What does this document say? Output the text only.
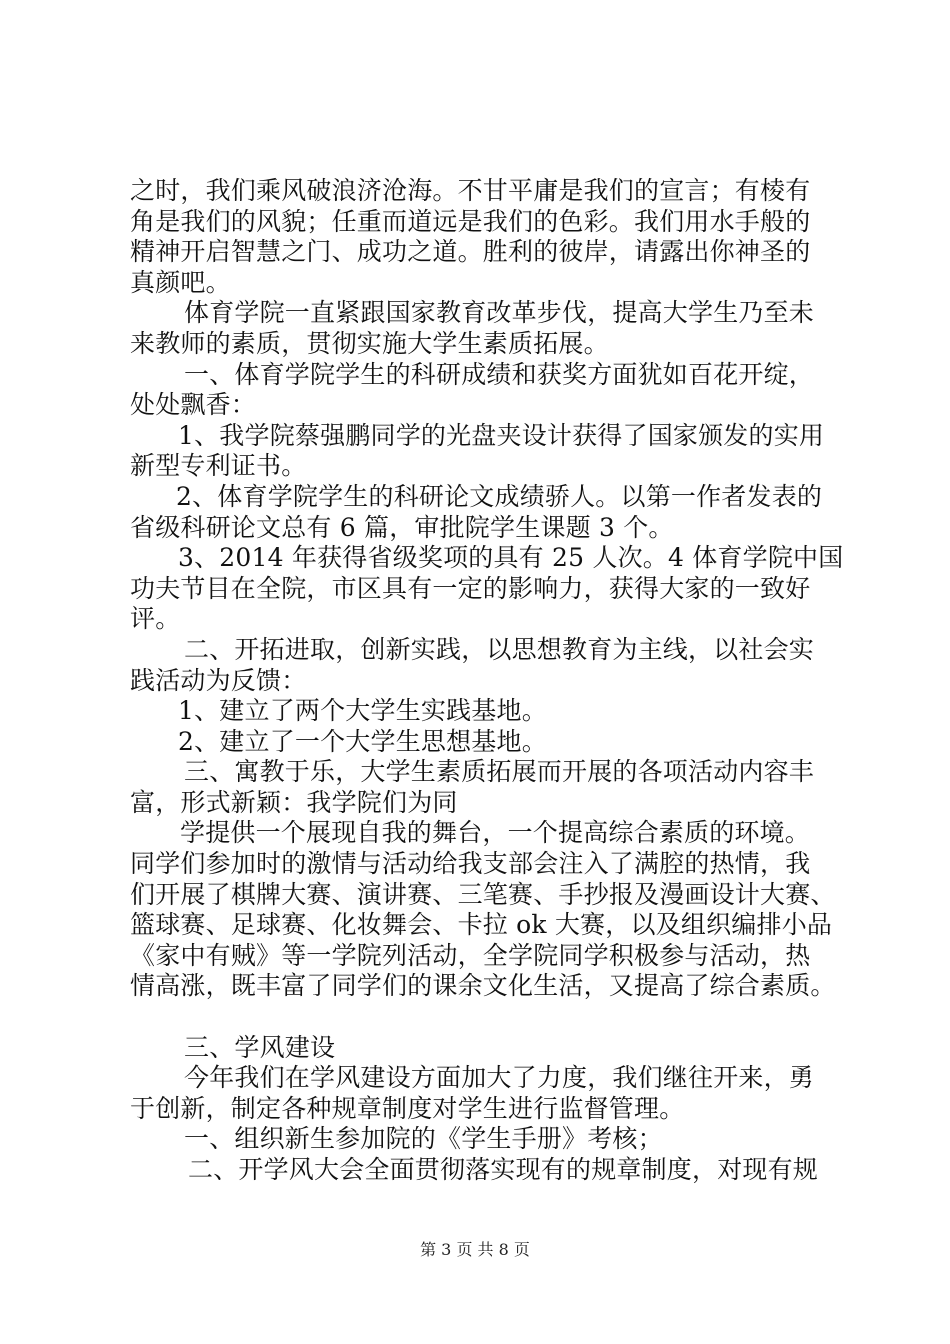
之时，我们乘风破浪济沧海。不甘平庸是我们的宣言；有棱有
角是我们的风貌；任重而道远是我们的色彩。我们用水手般的
精神开启智慧之门、成功之道。胜利的彼岸，请露出你神圣的
真颜吧。
体育学院一直紧跟国家教育改革步伐，提高大学生乃至未
来教师的素质，贯彻实施大学生素质拓展。
一、体育学院学生的科研成绩和获奖方面犹如百花开绽，
处处飘香：
1、我学院蔡强鹏同学的光盘夹设计获得了国家颁发的实用
新型专利证书。
2、体育学院学生的科研论文成绩骄人。以第一作者发表的
省级科研论文总有 6 篇，审批院学生课题 3 个。
3、2014 年获得省级奖项的具有 25 人次。4 体育学院中国
功夫节目在全院，市区具有一定的影响力，获得大家的一致好
评。
二、开拓进取，创新实践，以思想教育为主线，以社会实
践活动为反馈：
1、建立了两个大学生实践基地。
2、建立了一个大学生思想基地。
三、寓教于乐，大学生素质拓展而开展的各项活动内容丰
富，形式新颖：我学院们为同
学提供一个展现自我的舞台，一个提高综合素质的环境。
同学们参加时的激情与活动给我支部会注入了满腔的热情，我
们开展了棋牌大赛、演讲赛、三笔赛、手抄报及漫画设计大赛、
篮球赛、足球赛、化妆舞会、卡拉 ok 大赛，以及组织编排小品
《家中有贼》等一学院列活动，全学院同学积极参与活动，热
情高涨，既丰富了同学们的课余文化生活，又提高了综合素质。
三、学风建设
今年我们在学风建设方面加大了力度，我们继往开来，勇
于创新，制定各种规章制度对学生进行监督管理。
一、组织新生参加院的《学生手册》考核；
二、开学风大会全面贯彻落实现有的规章制度，对现有规
第 3 页 共 8 页
